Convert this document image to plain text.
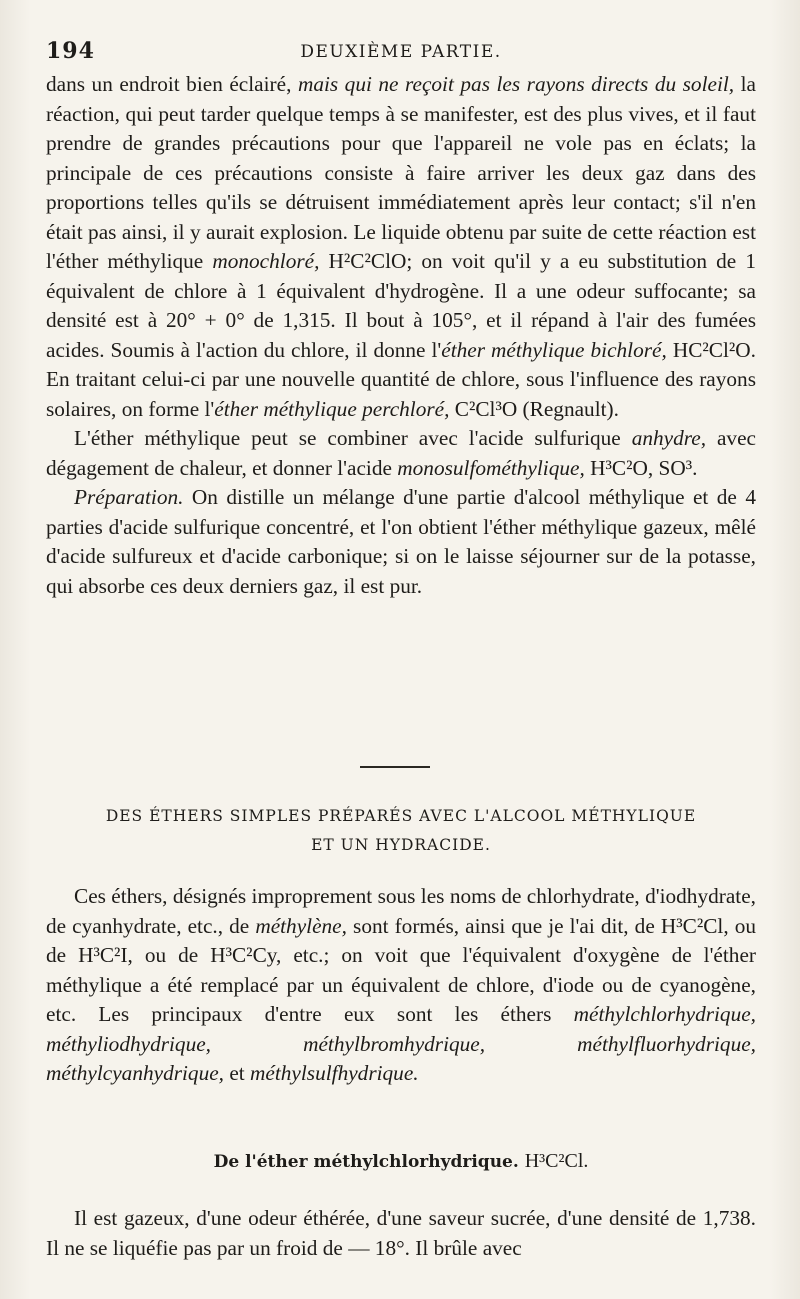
194	DEUXIÈME PARTIE.

dans un endroit bien éclairé, mais qui ne reçoit pas les rayons directs du soleil, la réaction, qui peut tarder quelque temps à se manifester, est des plus vives, et il faut prendre de grandes précautions pour que l'appareil ne vole pas en éclats; la principale de ces précautions consiste à faire arriver les deux gaz dans des proportions telles qu'ils se détruisent immédiatement après leur contact; s'il n'en était pas ainsi, il y aurait explosion. Le liquide obtenu par suite de cette réaction est l'éther méthylique monochloré, H²C²ClO; on voit qu'il y a eu substitution de 1 équivalent de chlore à 1 équivalent d'hydrogène. Il a une odeur suffocante; sa densité est à 20° + 0° de 1,315. Il bout à 105°, et il répand à l'air des fumées acides. Soumis à l'action du chlore, il donne l'éther méthylique bichloré, HC²Cl²O. En traitant celui-ci par une nouvelle quantité de chlore, sous l'influence des rayons solaires, on forme l'éther méthylique perchloré, C²Cl³O (Regnault).

L'éther méthylique peut se combiner avec l'acide sulfurique anhydre, avec dégagement de chaleur, et donner l'acide monosulfométhylique, H³C²O, SO³.

Préparation. On distille un mélange d'une partie d'alcool méthylique et de 4 parties d'acide sulfurique concentré, et l'on obtient l'éther méthylique gazeux, mêlé d'acide sulfureux et d'acide carbonique; si on le laisse séjourner sur de la potasse, qui absorbe ces deux derniers gaz, il est pur.

DES ÉTHERS SIMPLES PRÉPARÉS AVEC L'ALCOOL MÉTHYLIQUE
ET UN HYDRACIDE.

Ces éthers, désignés improprement sous les noms de chlorhydrate, d'iodhydrate, de cyanhydrate, etc., de méthylène, sont formés, ainsi que je l'ai dit, de H³C²Cl, ou de H³C²I, ou de H³C²Cy, etc.; on voit que l'équivalent d'oxygène de l'éther méthylique a été remplacé par un équivalent de chlore, d'iode ou de cyanogène, etc. Les principaux d'entre eux sont les éthers méthylchlorhydrique, méthyliodhydrique, méthylbromhydrique, méthylfluorhydrique, méthylcyanhydrique, et méthylsulfhydrique.

De l'éther méthylchlorhydrique. H³C²Cl.

Il est gazeux, d'une odeur éthérée, d'une saveur sucrée, d'une densité de 1,738. Il ne se liquéfie pas par un froid de — 18°. Il brûle avec
